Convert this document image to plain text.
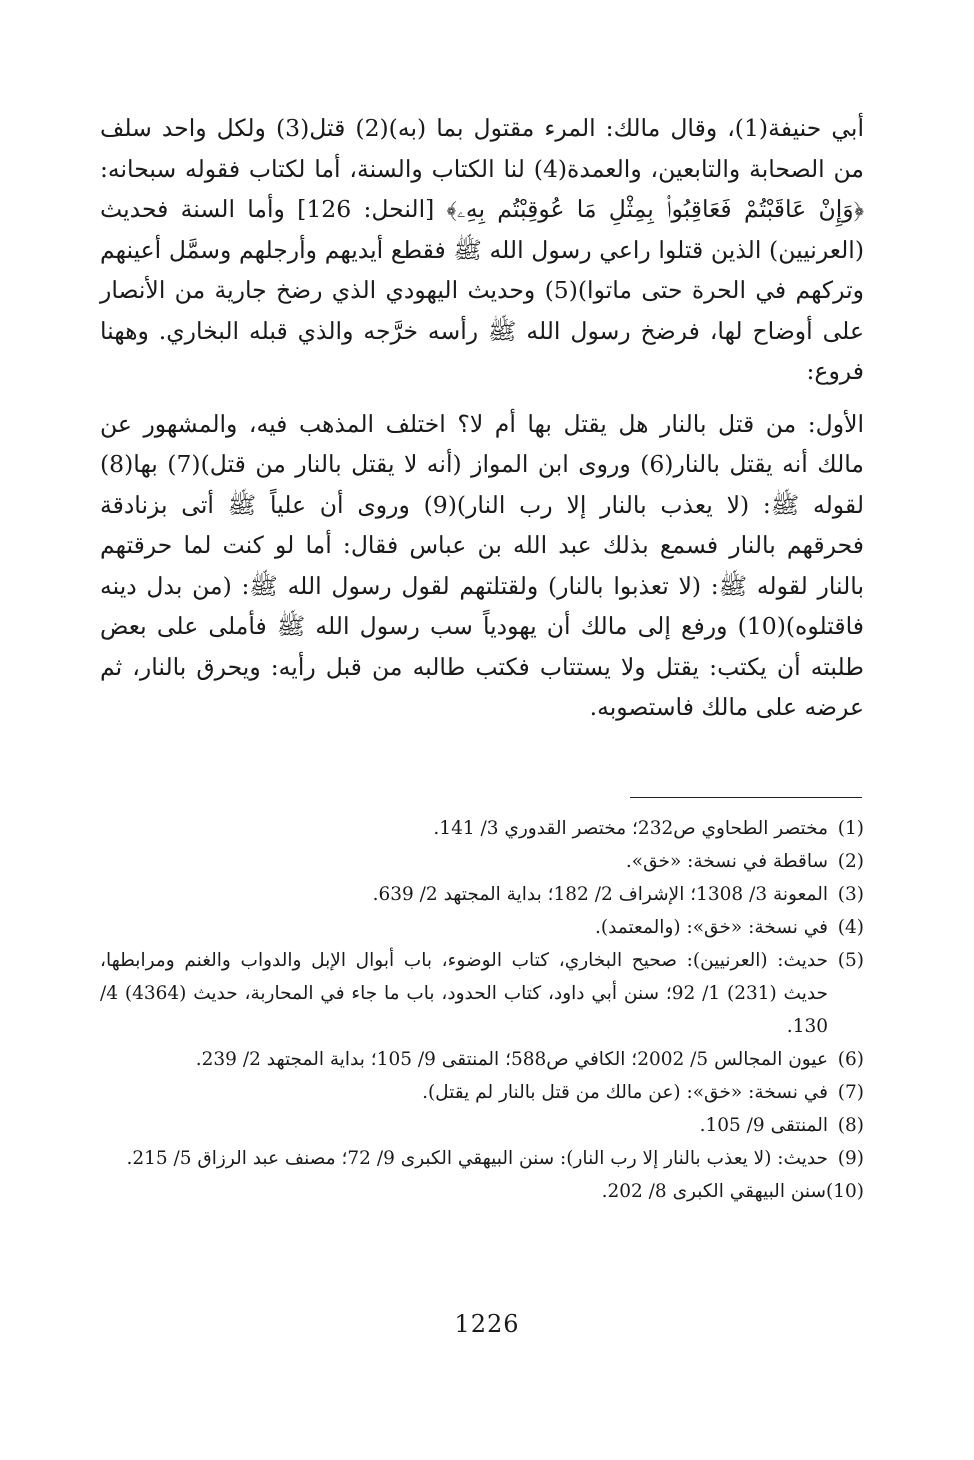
أبي حنيفة(1)، وقال مالك: المرء مقتول بما (به)(2) قتل(3) ولكل واحد سلف من الصحابة والتابعين، والعمدة(4) لنا الكتاب والسنة، أما لكتاب فقوله سبحانه: ﴿وَإِنْ عَاقَبْتُمْ فَعَاقِبُوا۟ بِمِثْلِ مَا عُوقِبْتُم بِهِۦ﴾ [النحل: 126] وأما السنة فحديث (العرنيين) الذين قتلوا راعي رسول الله ﷺ فقطع أيديهم وأرجلهم وسمَّل أعينهم وتركهم في الحرة حتى ماتوا)(5) وحديث اليهودي الذي رضخ جارية من الأنصار على أوضاح لها، فرضخ رسول الله ﷺ رأسه خرَّجه والذي قبله البخاري. وههنا فروع:

الأول: من قتل بالنار هل يقتل بها أم لا؟ اختلف المذهب فيه، والمشهور عن مالك أنه يقتل بالنار(6) وروى ابن المواز (أنه لا يقتل بالنار من قتل)(7) بها(8) لقوله ﷺ: (لا يعذب بالنار إلا رب النار)(9) وروى أن علياً ﷺ أتى بزنادقة فحرقهم بالنار فسمع بذلك عبد الله بن عباس فقال: أما لو كنت لما حرقتهم بالنار لقوله ﷺ: (لا تعذبوا بالنار) ولقتلتهم لقول رسول الله ﷺ: (من بدل دينه فاقتلوه)(10) ورفع إلى مالك أن يهودياً سب رسول الله ﷺ فأملى على بعض طلبته أن يكتب: يقتل ولا يستتاب فكتب طالبه من قبل رأيه: ويحرق بالنار، ثم عرضه على مالك فاستصوبه.

(1)
مختصر الطحاوي ص232؛ مختصر القدوري 3/ 141.
(2)
ساقطة في نسخة: «خق».
(3)
المعونة 3/ 1308؛ الإشراف 2/ 182؛ بداية المجتهد 2/ 639.
(4)
في نسخة: «خق»: (والمعتمد).
(5)
حديث: (العرنيين): صحيح البخاري، كتاب الوضوء، باب أبوال الإبل والدواب والغنم ومرابطها، حديث (231) 1/ 92؛ سنن أبي داود، كتاب الحدود، باب ما جاء في المحاربة، حديث (4364) 4/ 130.
(6)
عيون المجالس 5/ 2002؛ الكافي ص588؛ المنتقى 9/ 105؛ بداية المجتهد 2/ 239.
(7)
في نسخة: «خق»: (عن مالك من قتل بالنار لم يقتل).
(8)
المنتقى 9/ 105.
(9)
حديث: (لا يعذب بالنار إلا رب النار): سنن البيهقي الكبرى 9/ 72؛ مصنف عبد الرزاق 5/ 215.
(10)
سنن البيهقي الكبرى 8/ 202.
1226
